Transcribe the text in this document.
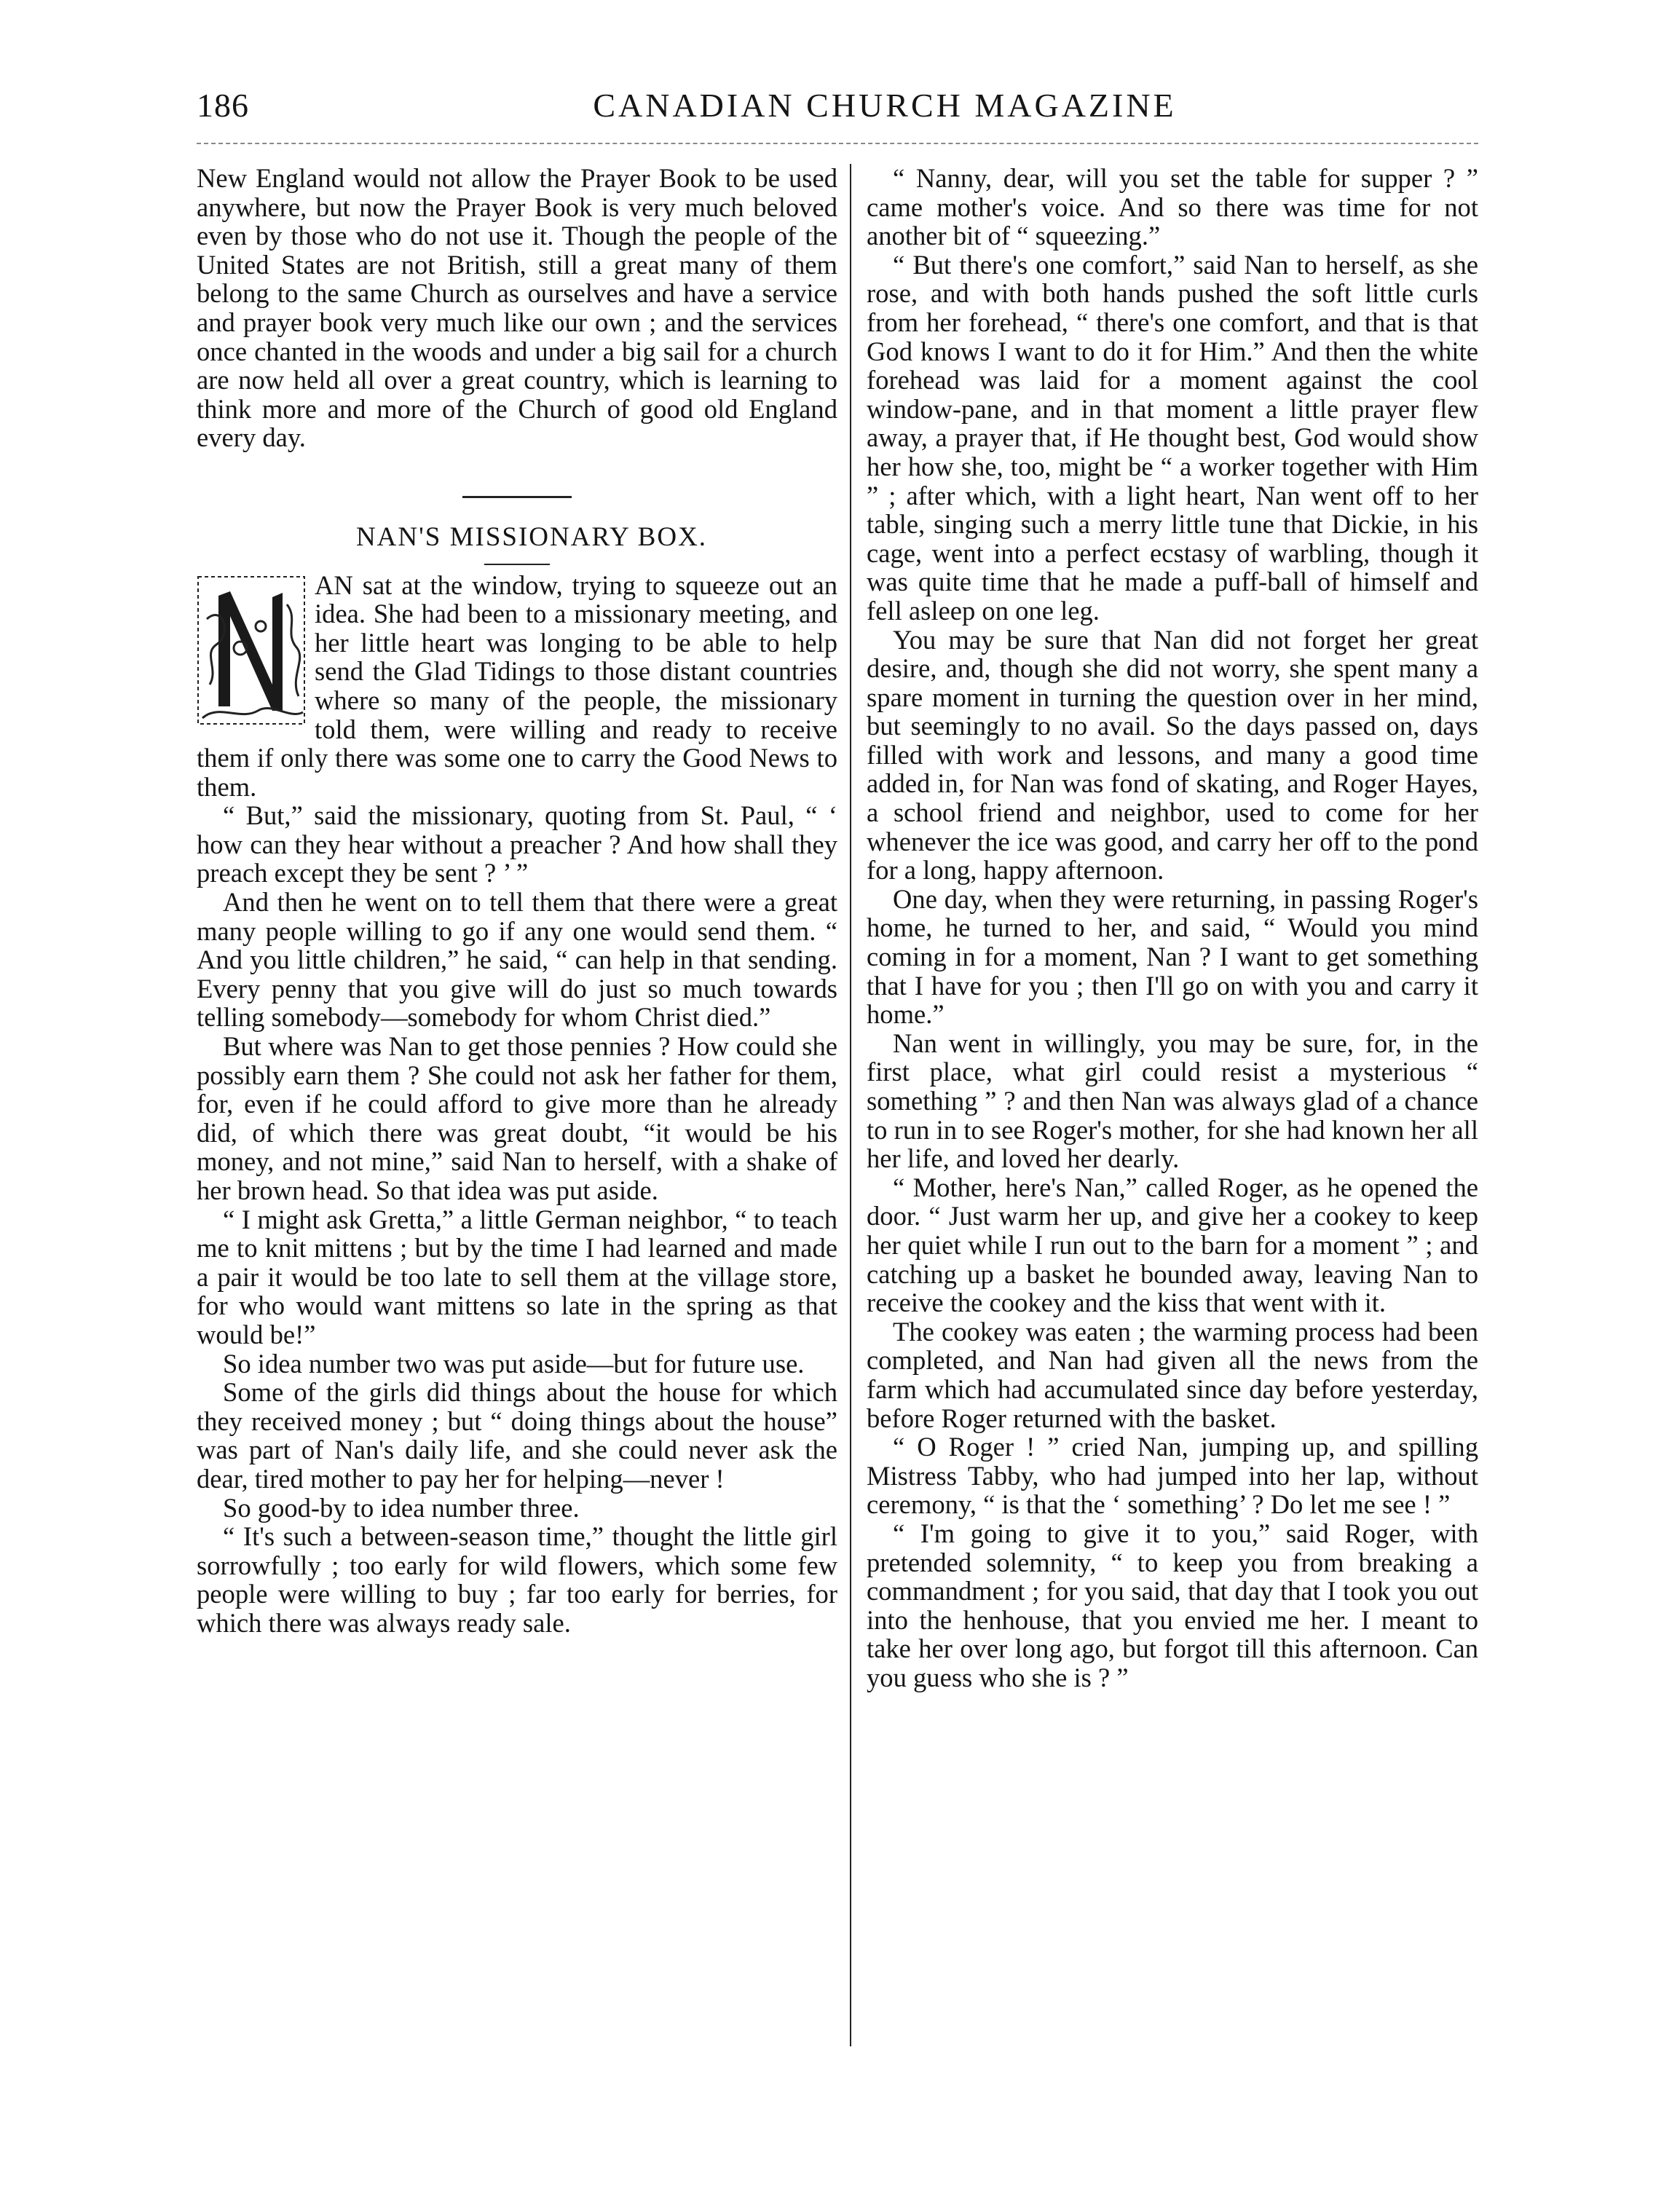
186	CANADIAN CHURCH MAGAZINE

New England would not allow the Prayer Book to be used anywhere, but now the Prayer Book is very much beloved even by those who do not use it. Though the people of the United States are not British, still a great many of them belong to the same Church as ourselves and have a service and prayer book very much like our own ; and the services once chanted in the woods and under a big sail for a church are now held all over a great country, which is learning to think more and more of the Church of good old England every day.

NAN'S MISSIONARY BOX.

AN sat at the window, trying to squeeze out an idea. She had been to a missionary meeting, and her little heart was longing to be able to help send the Glad Tidings to those distant countries where so many of the people, the missionary told them, were willing and ready to receive them if only there was some one to carry the Good News to them.

“ But,” said the missionary, quoting from St. Paul, “ ‘ how can they hear without a preacher ? And how shall they preach except they be sent ? ’ ”

And then he went on to tell them that there were a great many people willing to go if any one would send them. “ And you little children,” he said, “ can help in that sending. Every penny that you give will do just so much towards telling somebody—somebody for whom Christ died.”

But where was Nan to get those pennies ? How could she possibly earn them ? She could not ask her father for them, for, even if he could afford to give more than he already did, of which there was great doubt, “it would be his money, and not mine,” said Nan to herself, with a shake of her brown head. So that idea was put aside.

“ I might ask Gretta,” a little German neighbor, “ to teach me to knit mittens ; but by the time I had learned and made a pair it would be too late to sell them at the village store, for who would want mittens so late in the spring as that would be!”

So idea number two was put aside—but for future use.

Some of the girls did things about the house for which they received money ; but “ doing things about the house” was part of Nan's daily life, and she could never ask the dear, tired mother to pay her for helping—never !

So good-by to idea number three.

“ It's such a between-season time,” thought the little girl sorrowfully ; too early for wild flowers, which some few people were willing to buy ; far too early for berries, for which there was always ready sale.

“ Nanny, dear, will you set the table for supper ? ” came mother's voice. And so there was time for not another bit of “ squeezing.”

“ But there's one comfort,” said Nan to herself, as she rose, and with both hands pushed the soft little curls from her forehead, “ there's one comfort, and that is that God knows I want to do it for Him.” And then the white forehead was laid for a moment against the cool window-pane, and in that moment a little prayer flew away, a prayer that, if He thought best, God would show her how she, too, might be “ a worker together with Him ” ; after which, with a light heart, Nan went off to her table, singing such a merry little tune that Dickie, in his cage, went into a perfect ecstasy of warbling, though it was quite time that he made a puff-ball of himself and fell asleep on one leg.

You may be sure that Nan did not forget her great desire, and, though she did not worry, she spent many a spare moment in turning the question over in her mind, but seemingly to no avail. So the days passed on, days filled with work and lessons, and many a good time added in, for Nan was fond of skating, and Roger Hayes, a school friend and neighbor, used to come for her whenever the ice was good, and carry her off to the pond for a long, happy afternoon.

One day, when they were returning, in passing Roger's home, he turned to her, and said, “ Would you mind coming in for a moment, Nan ? I want to get something that I have for you ; then I'll go on with you and carry it home.”

Nan went in willingly, you may be sure, for, in the first place, what girl could resist a mysterious “ something ” ? and then Nan was always glad of a chance to run in to see Roger's mother, for she had known her all her life, and loved her dearly.

“ Mother, here's Nan,” called Roger, as he opened the door. “ Just warm her up, and give her a cookey to keep her quiet while I run out to the barn for a moment ” ; and catching up a basket he bounded away, leaving Nan to receive the cookey and the kiss that went with it.

The cookey was eaten ; the warming process had been completed, and Nan had given all the news from the farm which had accumulated since day before yesterday, before Roger returned with the basket.

“ O Roger ! ” cried Nan, jumping up, and spilling Mistress Tabby, who had jumped into her lap, without ceremony, “ is that the ‘ something’ ? Do let me see ! ”

“ I'm going to give it to you,” said Roger, with pretended solemnity, “ to keep you from breaking a commandment ; for you said, that day that I took you out into the henhouse, that you envied me her. I meant to take her over long ago, but forgot till this afternoon. Can you guess who she is ? ”
